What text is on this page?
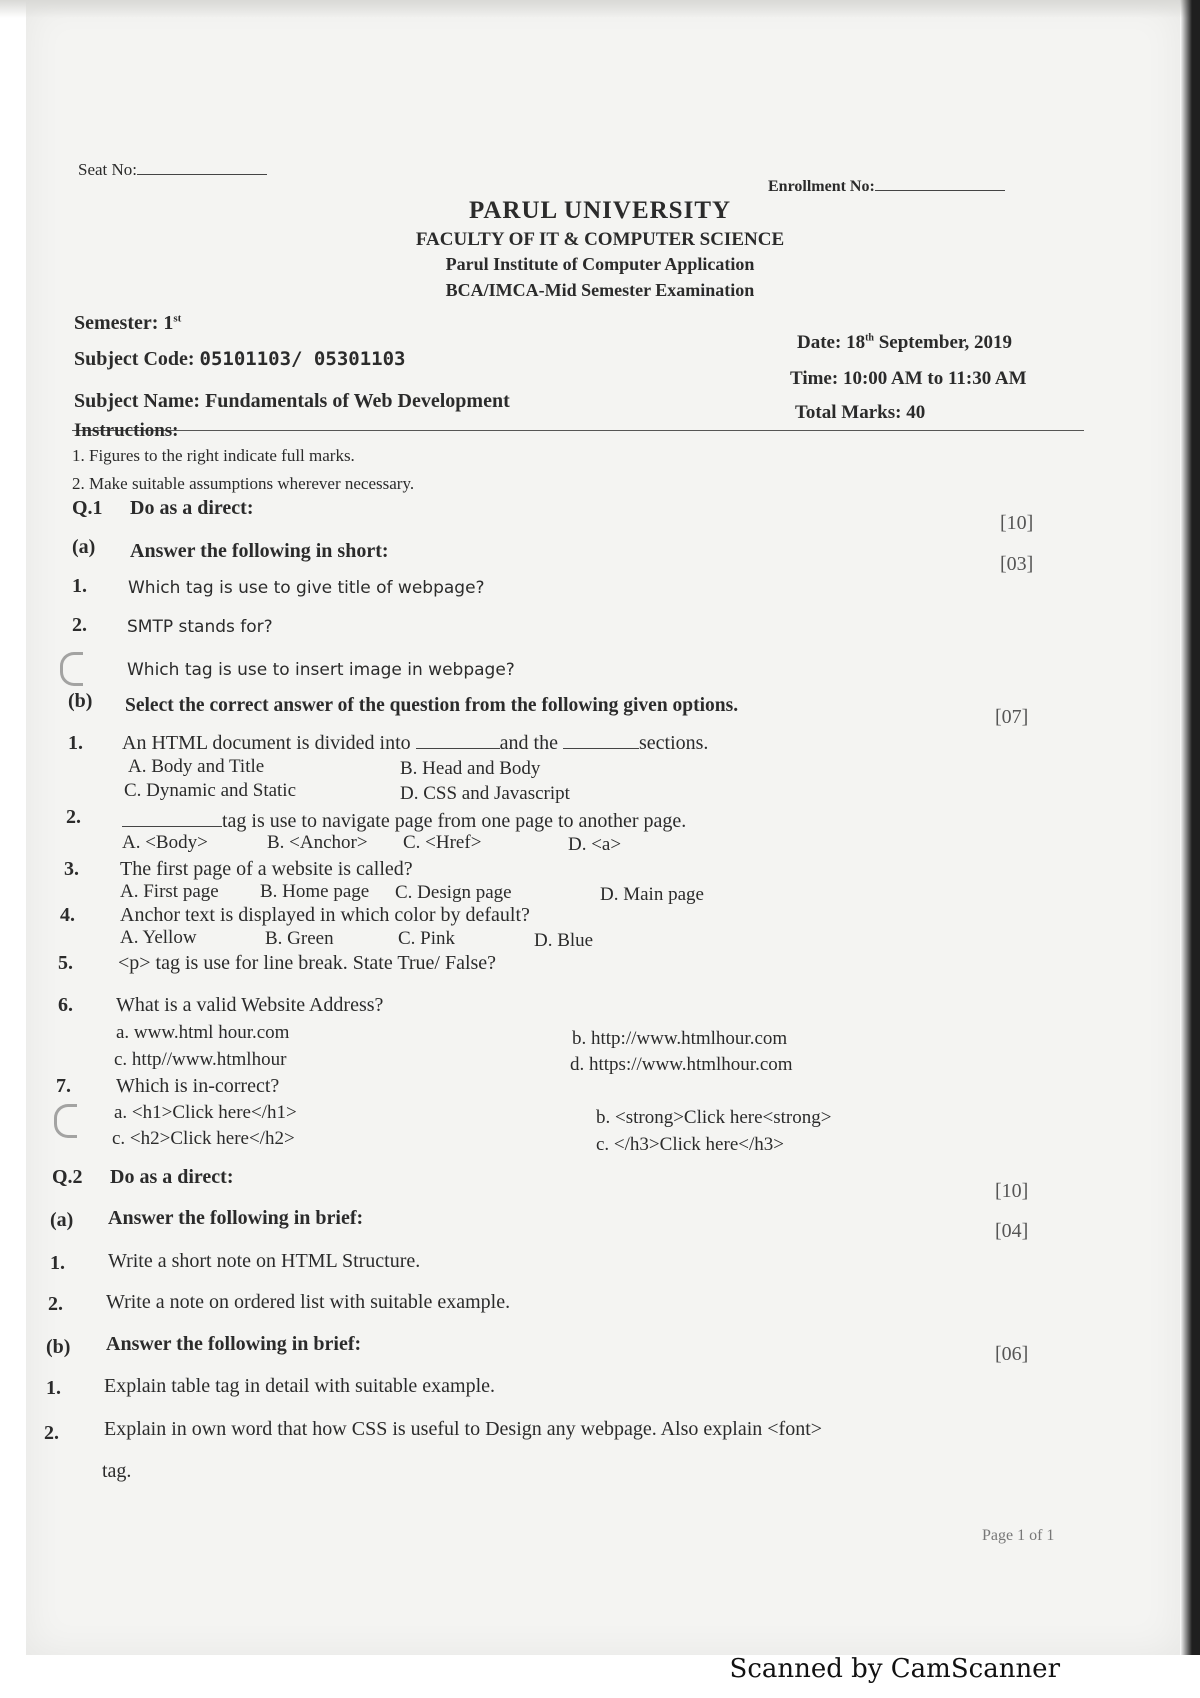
Seat No:
Enrollment No:
PARUL UNIVERSITY
FACULTY OF IT & COMPUTER SCIENCE
Parul Institute of Computer Application
BCA/IMCA-Mid Semester Examination
Semester: 1st
Subject Code: 05101103/ 05301103
Subject Name: Fundamentals of Web Development
Date: 18th September, 2019
Time: 10:00 AM to 11:30 AM
Total Marks: 40
Instructions:
1. Figures to the right indicate full marks.
2. Make suitable assumptions wherever necessary.
Q.1 Do as a direct:
[10]
(a) Answer the following in short:
[03]
1. Which tag is use to give title of webpage?
2. SMTP stands for?
Which tag is use to insert image in webpage?
(b) Select the correct answer of the question from the following given options.
[07]
1. An HTML document is divided into	and the	sections.
A. Body and Title	B. Head and Body
C. Dynamic and Static	D. CSS and Javascript
2.	tag is use to navigate page from one page to another page.
A. <Body>	B. <Anchor> C. <Href>	D. <a>
3. The first page of a website is called?
A. First page B. Home page C. Design page	D. Main page
4. Anchor text is displayed in which color by default?
A. Yellow	B. Green	C. Pink	D. Blue
5. <p> tag is use for line break. State True/ False?
6. What is a valid Website Address?
a. www.html hour.com	b. http://www.htmlhour.com
c. http//www.htmlhour	d. https://www.htmlhour.com
7. Which is in-correct?
a. <h1>Click here</h1>	b. <strong>Click here<strong>
c. <h2>Click here</h2>	c. </h3>Click here</h3>
Q.2 Do as a direct:
[10]
(a) Answer the following in brief:
[04]
1. Write a short note on HTML Structure.
2. Write a note on ordered list with suitable example.
(b) Answer the following in brief:	[06]
1. Explain table tag in detail with suitable example.
2. Explain in own word that how CSS is useful to Design any webpage. Also explain <font>
tag.
Page 1 of 1
Scanned by CamScanner
